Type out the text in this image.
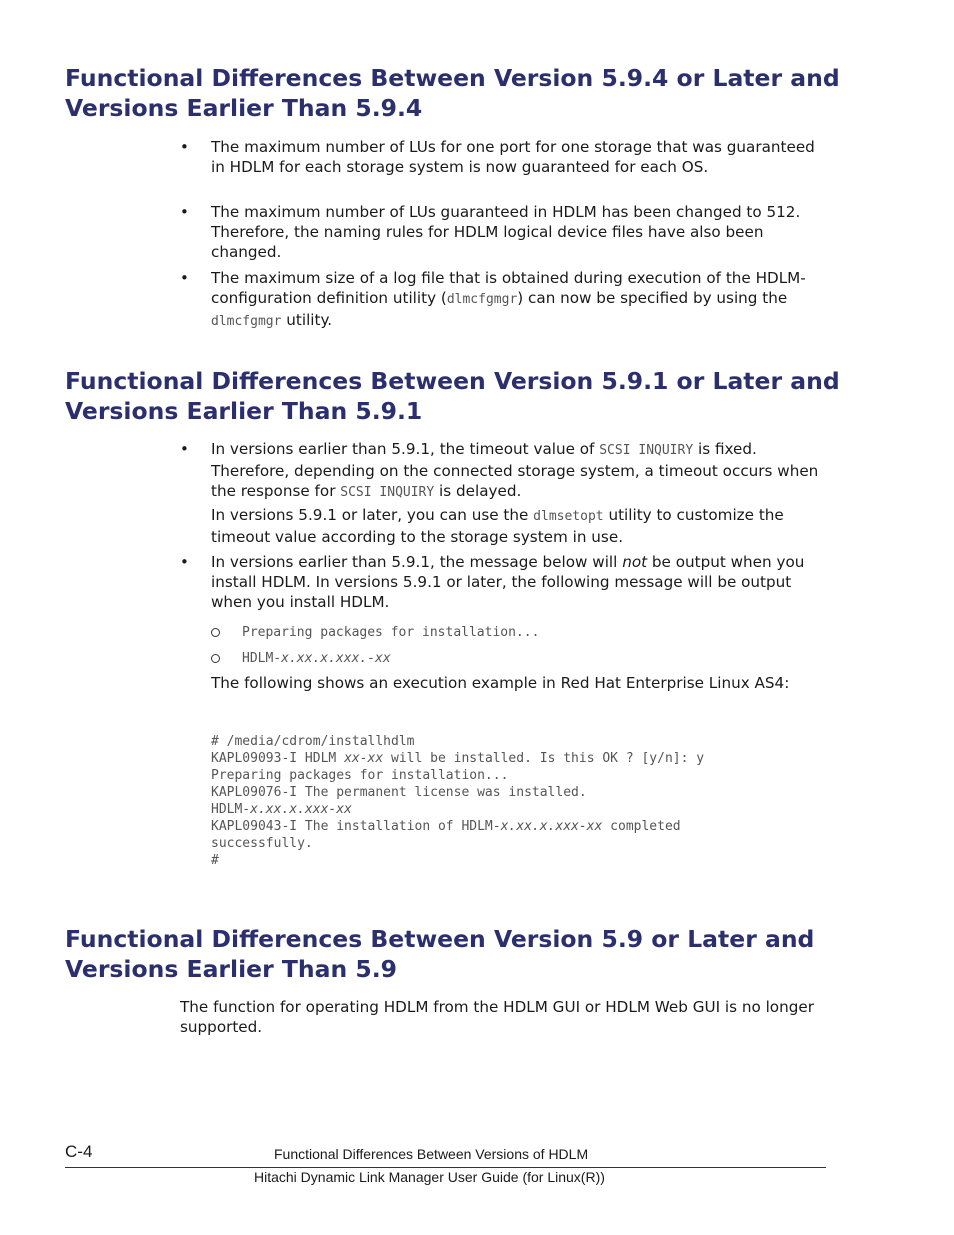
Functional Differences Between Version 5.9.4 or Later and
Versions Earlier Than 5.9.4
•	The maximum number of LUs for one port for one storage that was guaranteed in HDLM for each storage system is now guaranteed for each OS.
•	The maximum number of LUs guaranteed in HDLM has been changed to 512. Therefore, the naming rules for HDLM logical device files have also been changed.
•	The maximum size of a log file that is obtained during execution of the HDLM-configuration definition utility (dlmcfgmgr) can now be specified by using the dlmcfgmgr utility.
Functional Differences Between Version 5.9.1 or Later and
Versions Earlier Than 5.9.1
•	In versions earlier than 5.9.1, the timeout value of SCSI INQUIRY is fixed. Therefore, depending on the connected storage system, a timeout occurs when the response for SCSI INQUIRY is delayed.
In versions 5.9.1 or later, you can use the dlmsetopt utility to customize the timeout value according to the storage system in use.
•	In versions earlier than 5.9.1, the message below will not be output when you install HDLM. In versions 5.9.1 or later, the following message will be output when you install HDLM.
Preparing packages for installation...
HDLM-x.xx.x.xxx.-xx
The following shows an execution example in Red Hat Enterprise Linux AS4:
# /media/cdrom/installhdlm
KAPL09093-I HDLM xx-xx will be installed. Is this OK ? [y/n]: y
Preparing packages for installation...
KAPL09076-I The permanent license was installed.
HDLM-x.xx.x.xxx-xx
KAPL09043-I The installation of HDLM-x.xx.x.xxx-xx completed
successfully.
#
Functional Differences Between Version 5.9 or Later and
Versions Earlier Than 5.9
The function for operating HDLM from the HDLM GUI or HDLM Web GUI is no longer supported.
C-4	Functional Differences Between Versions of HDLM
Hitachi Dynamic Link Manager User Guide (for Linux(R))
